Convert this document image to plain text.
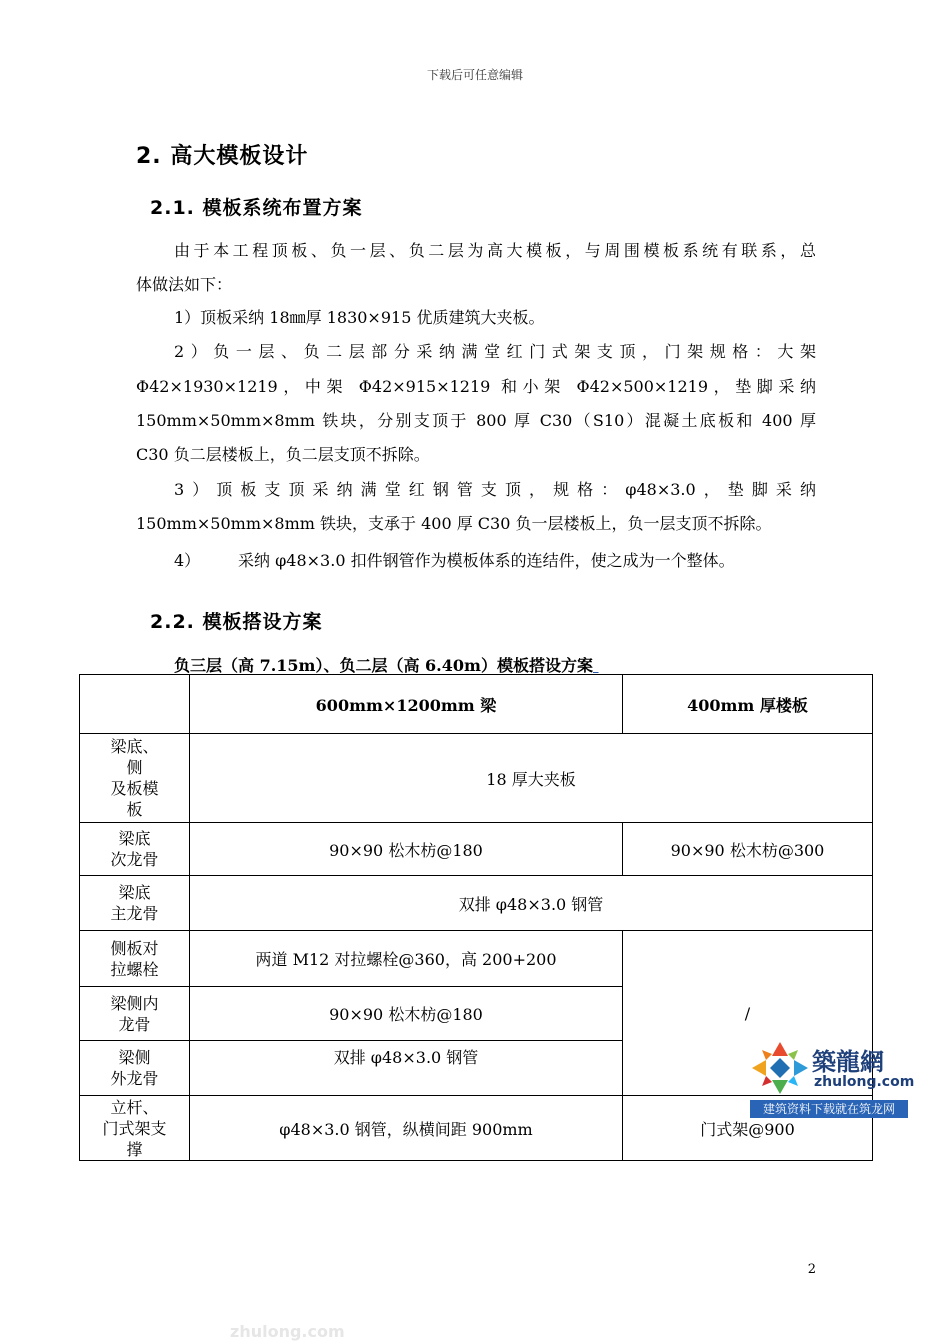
下载后可任意编辑
2. 高大模板设计
2.1. 模板系统布置方案
由于本工程顶板、负一层、负二层为高大模板，与周围模板系统有联系，总
体做法如下：
1）顶板采纳 18㎜厚 1830×915 优质建筑大夹板。
2）负一层、负二层部分采纳满堂红门式架支顶，门架规格：大架
Φ42×1930×1219，中架 Φ42×915×1219 和小架 Φ42×500×1219，垫脚采纳
150mm×50mm×8mm 铁块，分别支顶于 800 厚 C30（S10）混凝土底板和 400 厚
C30 负二层楼板上，负二层支顶不拆除。
3）顶板支顶采纳满堂红钢管支顶，规格：φ48×3.0，垫脚采纳
150mm×50mm×8mm 铁块，支承于 400 厚 C30 负一层楼板上，负一层支顶不拆除。
4） 采纳 φ48×3.0 扣件钢管作为模板体系的连结件，使之成为一个整体。
2.2. 模板搭设方案
负三层（高 7.15m）、负二层（高 6.40m）模板搭设方案
	600mm×1200mm 梁	400mm 厚楼板
梁底、
侧
及板模
板	18 厚大夹板	
梁底
次龙骨	90×90 松木枋@180	90×90 松木枋@300
梁底
主龙骨	双排 φ48×3.0 钢管	
侧板对
拉螺栓	两道 M12 对拉螺栓@360，高 200+200	/
梁侧内
龙骨	90×90 松木枋@180	
梁侧
外龙骨	双排 φ48×3.0 钢管	
立杆、
门式架支
撑	φ48×3.0 钢管，纵横间距 900mm	门式架@900
築龍網
zhulong.com
建筑资料下载就在筑龙网
2
zhulong.com
